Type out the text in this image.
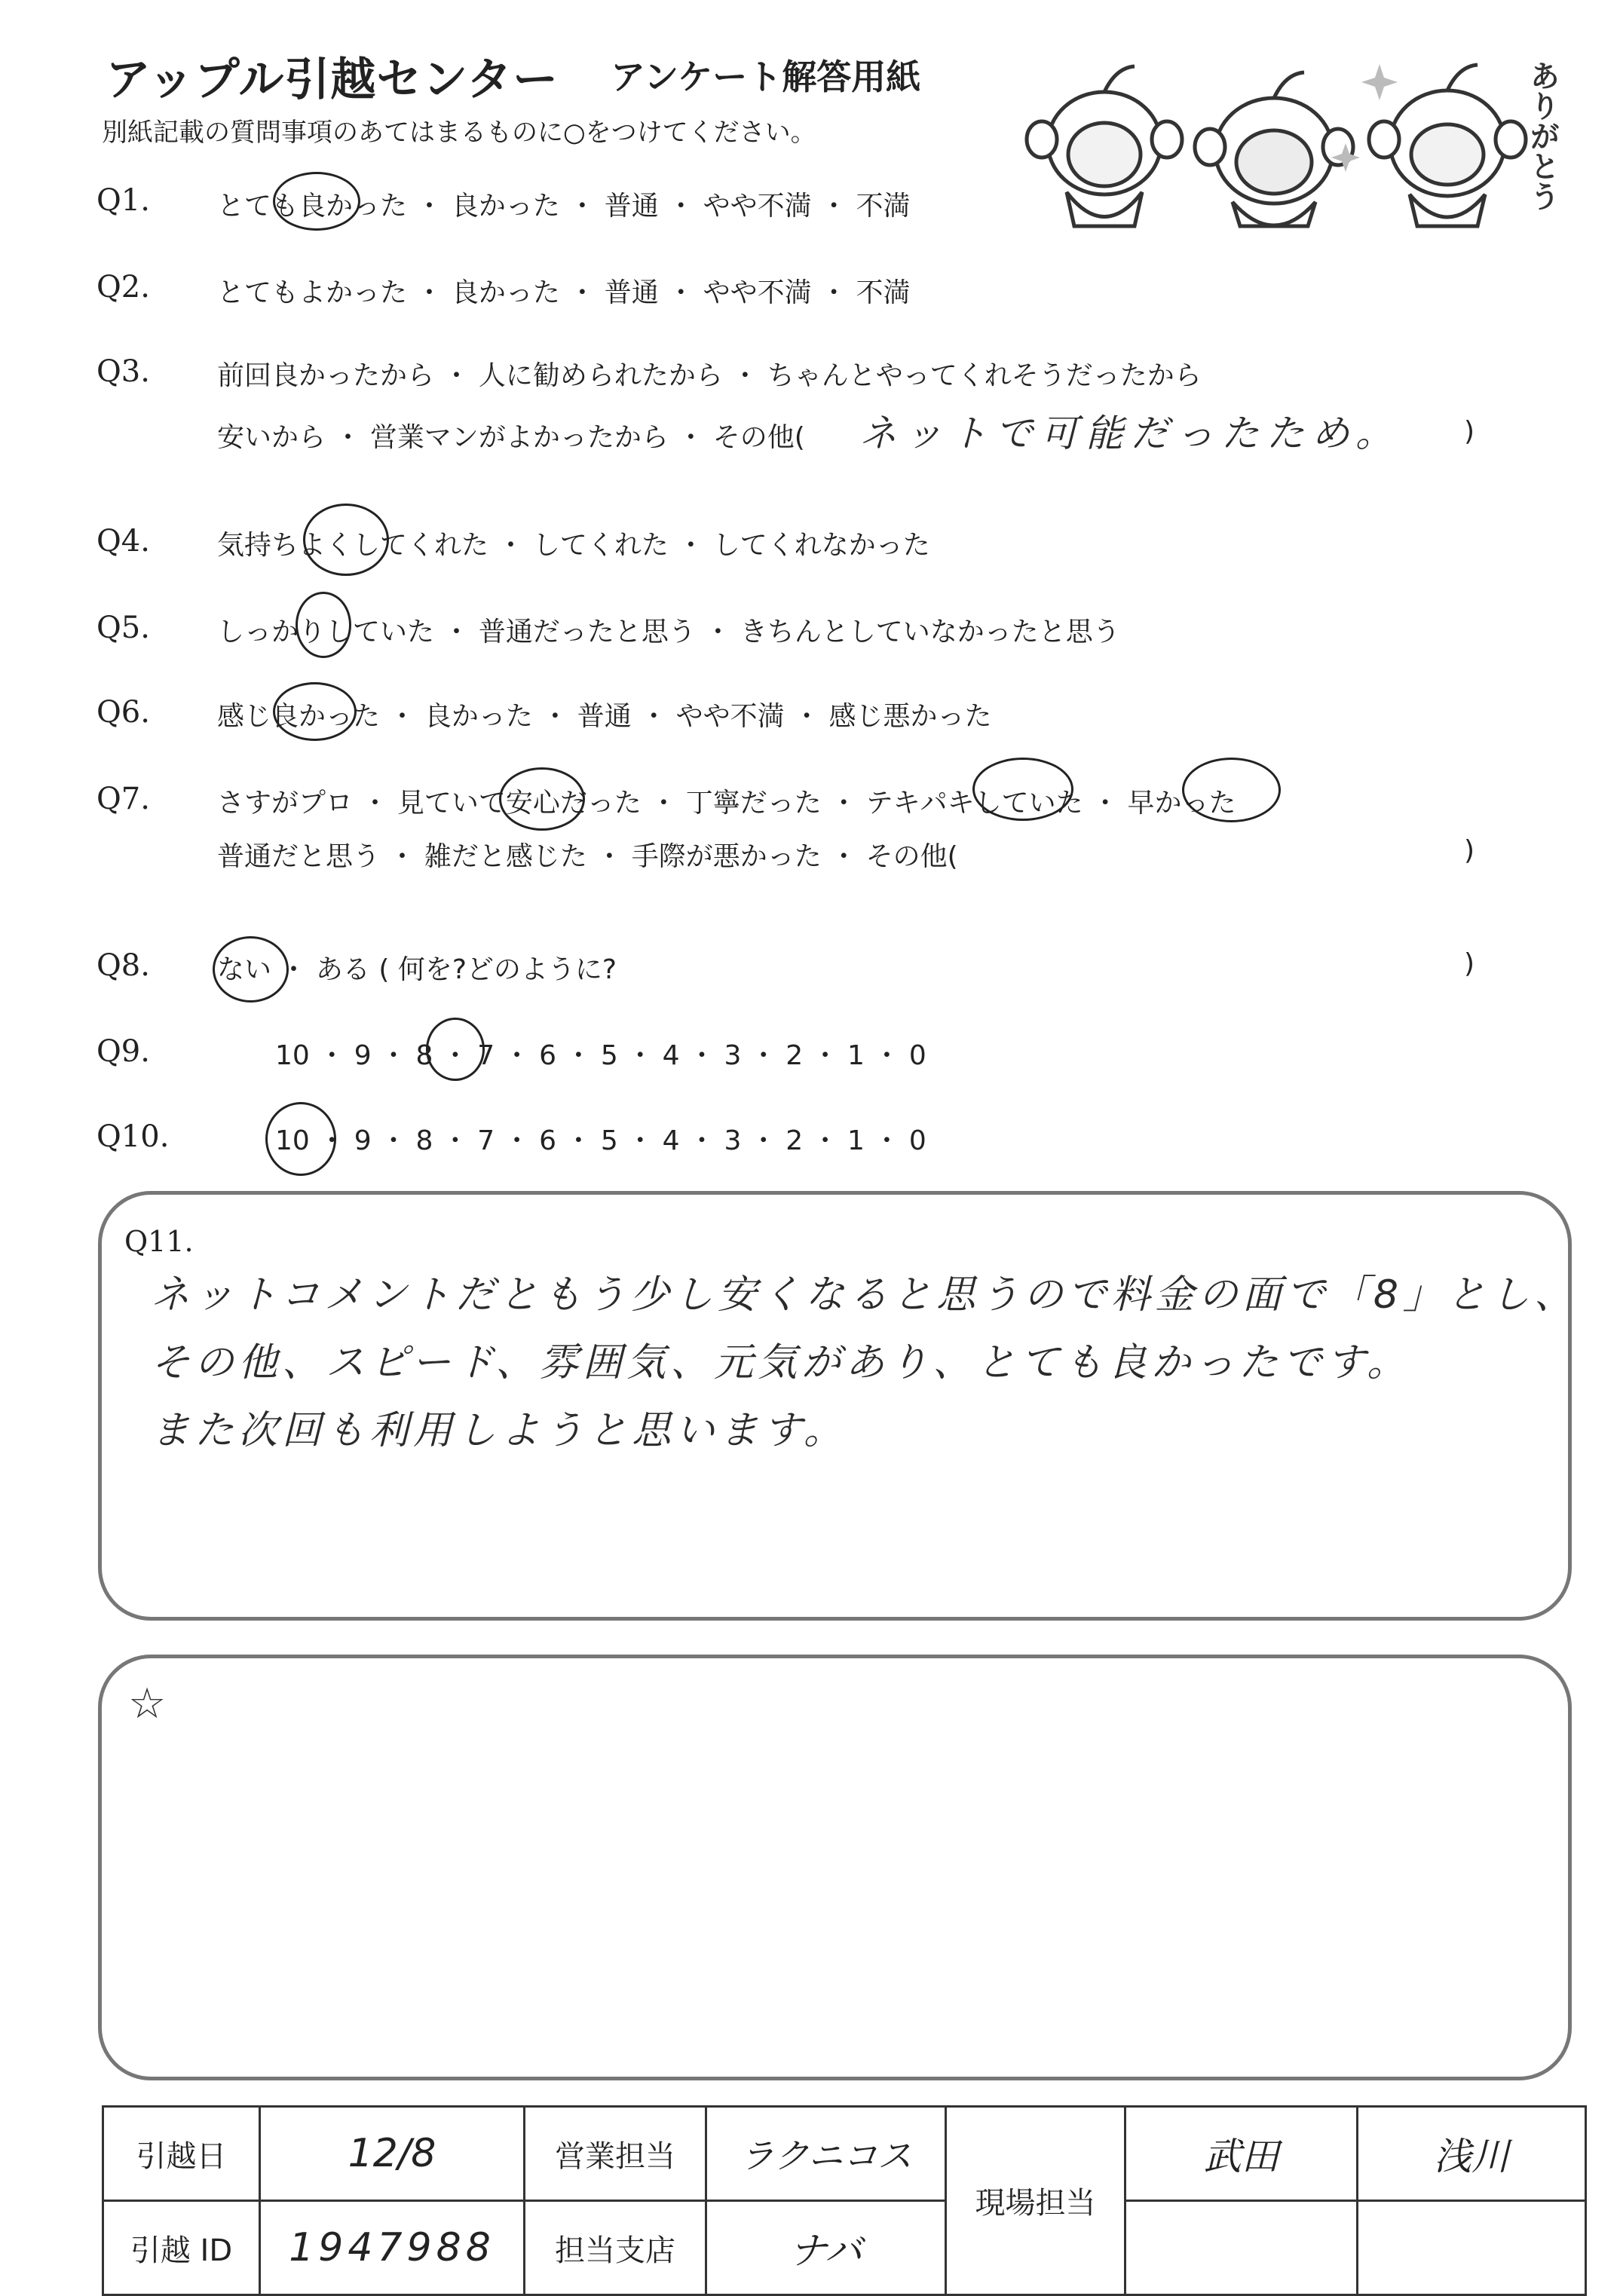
アップル引越センター アンケート解答用紙
別紙記載の質問事項のあてはまるものに○をつけてください。	ありがとう
Q1. とても良かった ・ 良かった ・ 普通 ・ やや不満 ・ 不満
Q2. とてもよかった ・ 良かった ・ 普通 ・ やや不満 ・ 不満
Q3. 前回良かったから ・ 人に勧められたから ・ ちゃんとやってくれそうだったから
安いから ・ 営業マンがよかったから ・ その他( ネットで可能だったため。 )
Q4. 気持ちよくしてくれた ・ してくれた ・ してくれなかった
Q5. しっかりしていた ・ 普通だったと思う ・ きちんとしていなかったと思う
Q6. 感じ良かった ・ 良かった ・ 普通 ・ やや不満 ・ 感じ悪かった
Q7. さすがプロ ・ 見ていて安心だった ・ 丁寧だった ・ テキパキしていた ・ 早かった
普通だと思う ・ 雑だと感じた ・ 手際が悪かった ・ その他(	)
Q8. ない ・ ある ( 何を?どのように?	)
Q9.	10 ・ 9 ・ 8 ・ 7 ・ 6 ・ 5 ・ 4 ・ 3 ・ 2 ・ 1 ・ 0
Q10.	10 ・ 9 ・ 8 ・ 7 ・ 6 ・ 5 ・ 4 ・ 3 ・ 2 ・ 1 ・ 0
Q11.
ネットコメントだともう少し安くなると思うので料金の面で「8」とし、
その他、スピード、雰囲気、元気があり、とても良かったです。
また次回も利用しようと思います。
☆
引越日	12/8	営業担当	ラクニコス	現場担当	武田	浅川
引越 ID	1947988	担当支店	ナバ			
